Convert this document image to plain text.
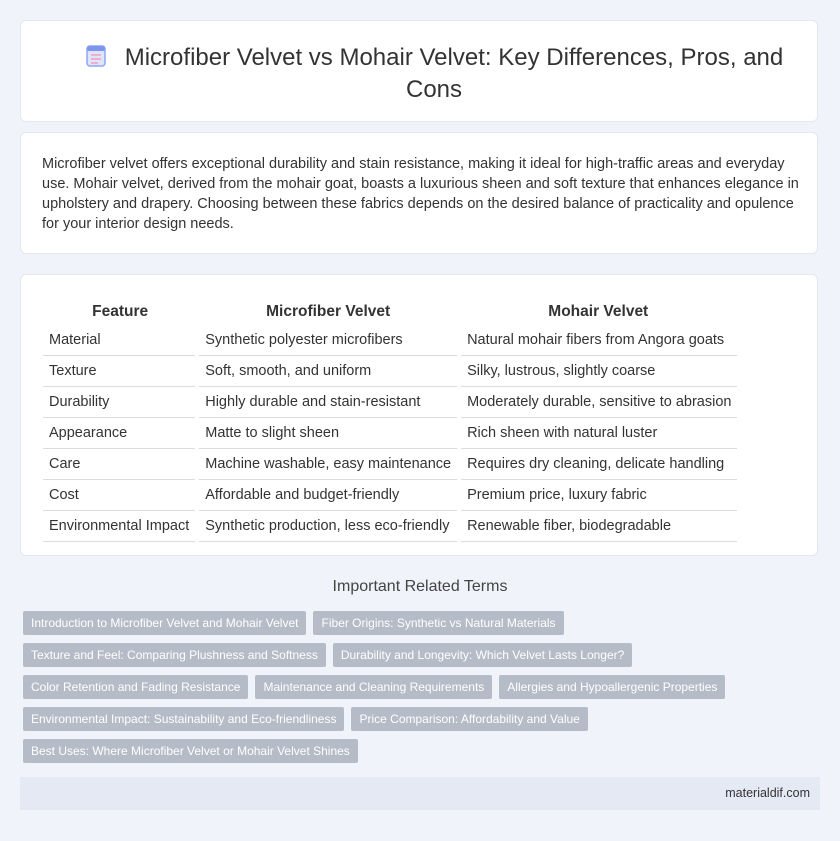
Microfiber Velvet vs Mohair Velvet: Key Differences, Pros, and Cons

Microfiber velvet offers exceptional durability and stain resistance, making it ideal for high-traffic areas and everyday use. Mohair velvet, derived from the mohair goat, boasts a luxurious sheen and soft texture that enhances elegance in upholstery and drapery. Choosing between these fabrics depends on the desired balance of practicality and opulence for your interior design needs.

Feature	Microfiber Velvet	Mohair Velvet
Material	Synthetic polyester microfibers	Natural mohair fibers from Angora goats
Texture	Soft, smooth, and uniform	Silky, lustrous, slightly coarse
Durability	Highly durable and stain-resistant	Moderately durable, sensitive to abrasion
Appearance	Matte to slight sheen	Rich sheen with natural luster
Care	Machine washable, easy maintenance	Requires dry cleaning, delicate handling
Cost	Affordable and budget-friendly	Premium price, luxury fabric
Environmental Impact	Synthetic production, less eco-friendly	Renewable fiber, biodegradable
Important Related Terms
Introduction to Microfiber Velvet and Mohair Velvet	Fiber Origins: Synthetic vs Natural Materials
Texture and Feel: Comparing Plushness and Softness	Durability and Longevity: Which Velvet Lasts Longer?
Color Retention and Fading Resistance	Maintenance and Cleaning Requirements	Allergies and Hypoallergenic Properties
Environmental Impact: Sustainability and Eco-friendliness	Price Comparison: Affordability and Value
Best Uses: Where Microfiber Velvet or Mohair Velvet Shines
materialdif.com
